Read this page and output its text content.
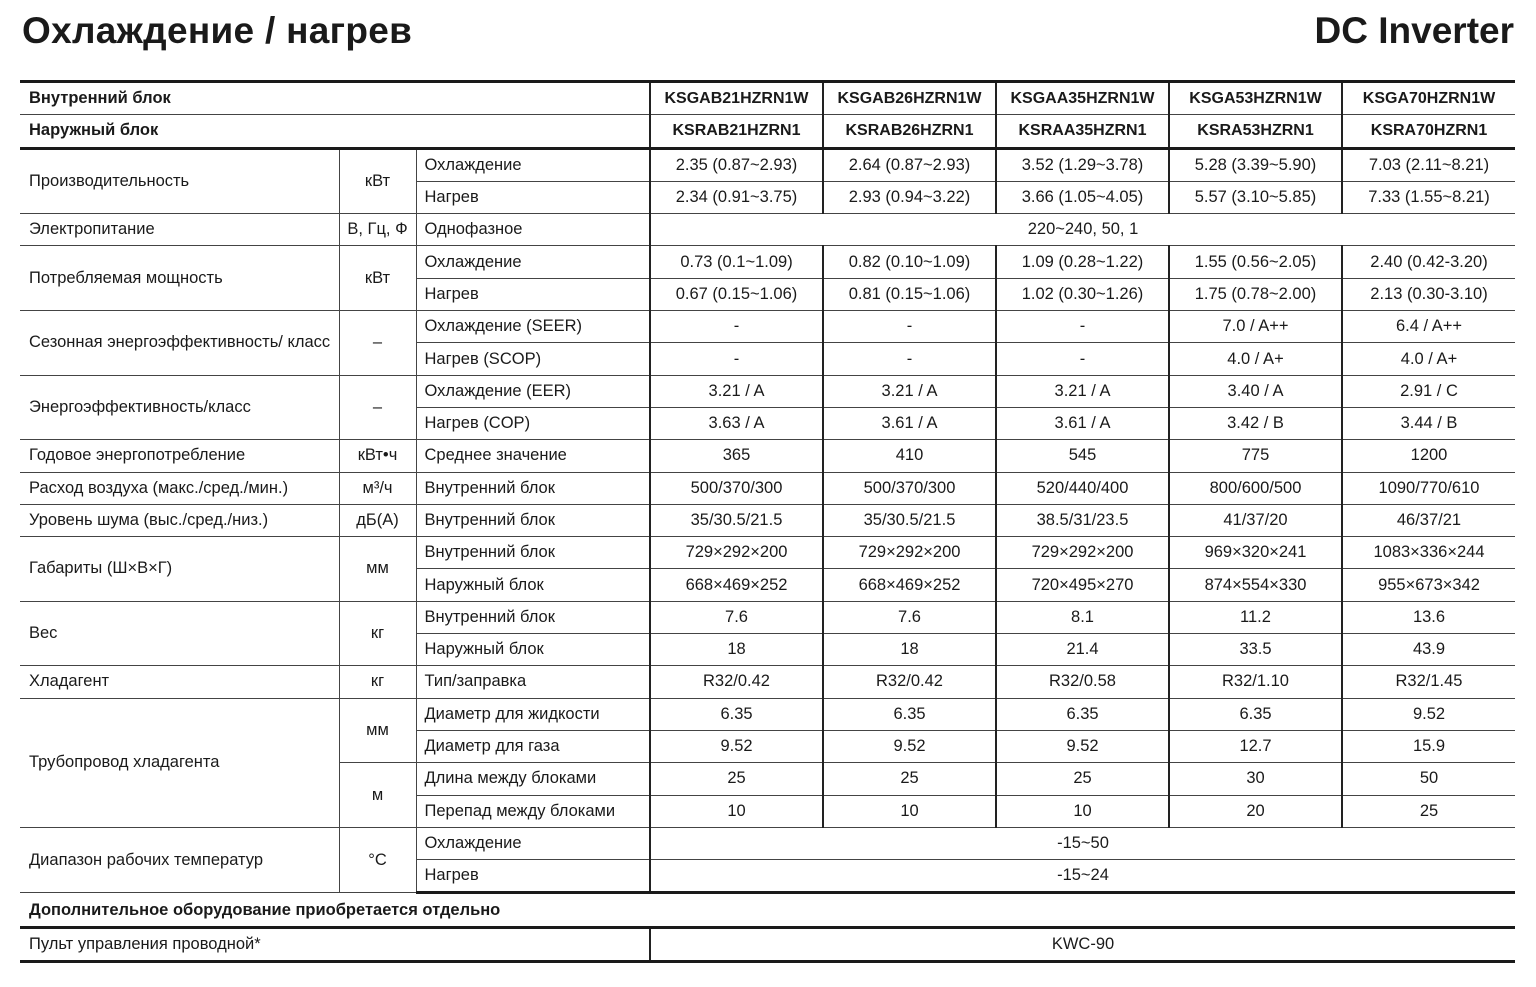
Охлаждение / нагрев	DC Inverter
Внутренний блок			KSGAB21HZRN1W	KSGAB26HZRN1W	KSGAA35HZRN1W	KSGA53HZRN1W	KSGA70HZRN1W
Наружный блок			KSRAB21HZRN1	KSRAB26HZRN1	KSRAA35HZRN1	KSRA53HZRN1	KSRA70HZRN1
Производительность	кВт	Охлаждение	2.35 (0.87~2.93)	2.64 (0.87~2.93)	3.52 (1.29~3.78)	5.28 (3.39~5.90)	7.03 (2.11~8.21)
		Нагрев	2.34 (0.91~3.75)	2.93 (0.94~3.22)	3.66 (1.05~4.05)	5.57 (3.10~5.85)	7.33 (1.55~8.21)
Электропитание	В, Гц, Ф	Однофазное	220~240, 50, 1				
Потребляемая мощность	кВт	Охлаждение	0.73 (0.1~1.09)	0.82 (0.10~1.09)	1.09 (0.28~1.22)	1.55 (0.56~2.05)	2.40 (0.42-3.20)
		Нагрев	0.67 (0.15~1.06)	0.81 (0.15~1.06)	1.02 (0.30~1.26)	1.75 (0.78~2.00)	2.13 (0.30-3.10)
Сезонная энергоэффективность/ класс	–	Охлаждение (SEER)	-	-	-	7.0 / A++	6.4 / A++
		Нагрев (SCOP)	-	-	-	4.0 / A+	4.0 / A+
Энергоэффективность/класс	–	Охлаждение (EER)	3.21 / A	3.21 / A	3.21 / A	3.40 / A	2.91 / C
		Нагрев (COP)	3.63 / A	3.61 / A	3.61 / A	3.42 / B	3.44 / B
Годовое энергопотребление	кВт•ч	Среднее значение	365	410	545	775	1200
Расход воздуха (макс./сред./мин.)	м³/ч	Внутренний блок	500/370/300	500/370/300	520/440/400	800/600/500	1090/770/610
Уровень шума (выс./сред./низ.)	дБ(А)	Внутренний блок	35/30.5/21.5	35/30.5/21.5	38.5/31/23.5	41/37/20	46/37/21
Габариты (Ш×В×Г)	мм	Внутренний блок	729×292×200	729×292×200	729×292×200	969×320×241	1083×336×244
		Наружный блок	668×469×252	668×469×252	720×495×270	874×554×330	955×673×342
Вес	кг	Внутренний блок	7.6	7.6	8.1	11.2	13.6
		Наружный блок	18	18	21.4	33.5	43.9
Хладагент	кг	Тип/заправка	R32/0.42	R32/0.42	R32/0.58	R32/1.10	R32/1.45
Трубопровод хладагента	мм	Диаметр для жидкости	6.35	6.35	6.35	6.35	9.52
		Диаметр для газа	9.52	9.52	9.52	12.7	15.9
	м	Длина между блоками	25	25	25	30	50
		Перепад между блоками	10	10	10	20	25
Диапазон рабочих температур	°C	Охлаждение	-15~50				
		Нагрев	-15~24				
Дополнительное оборудование приобретается отдельно							
Пульт управления проводной*			KWC-90				
